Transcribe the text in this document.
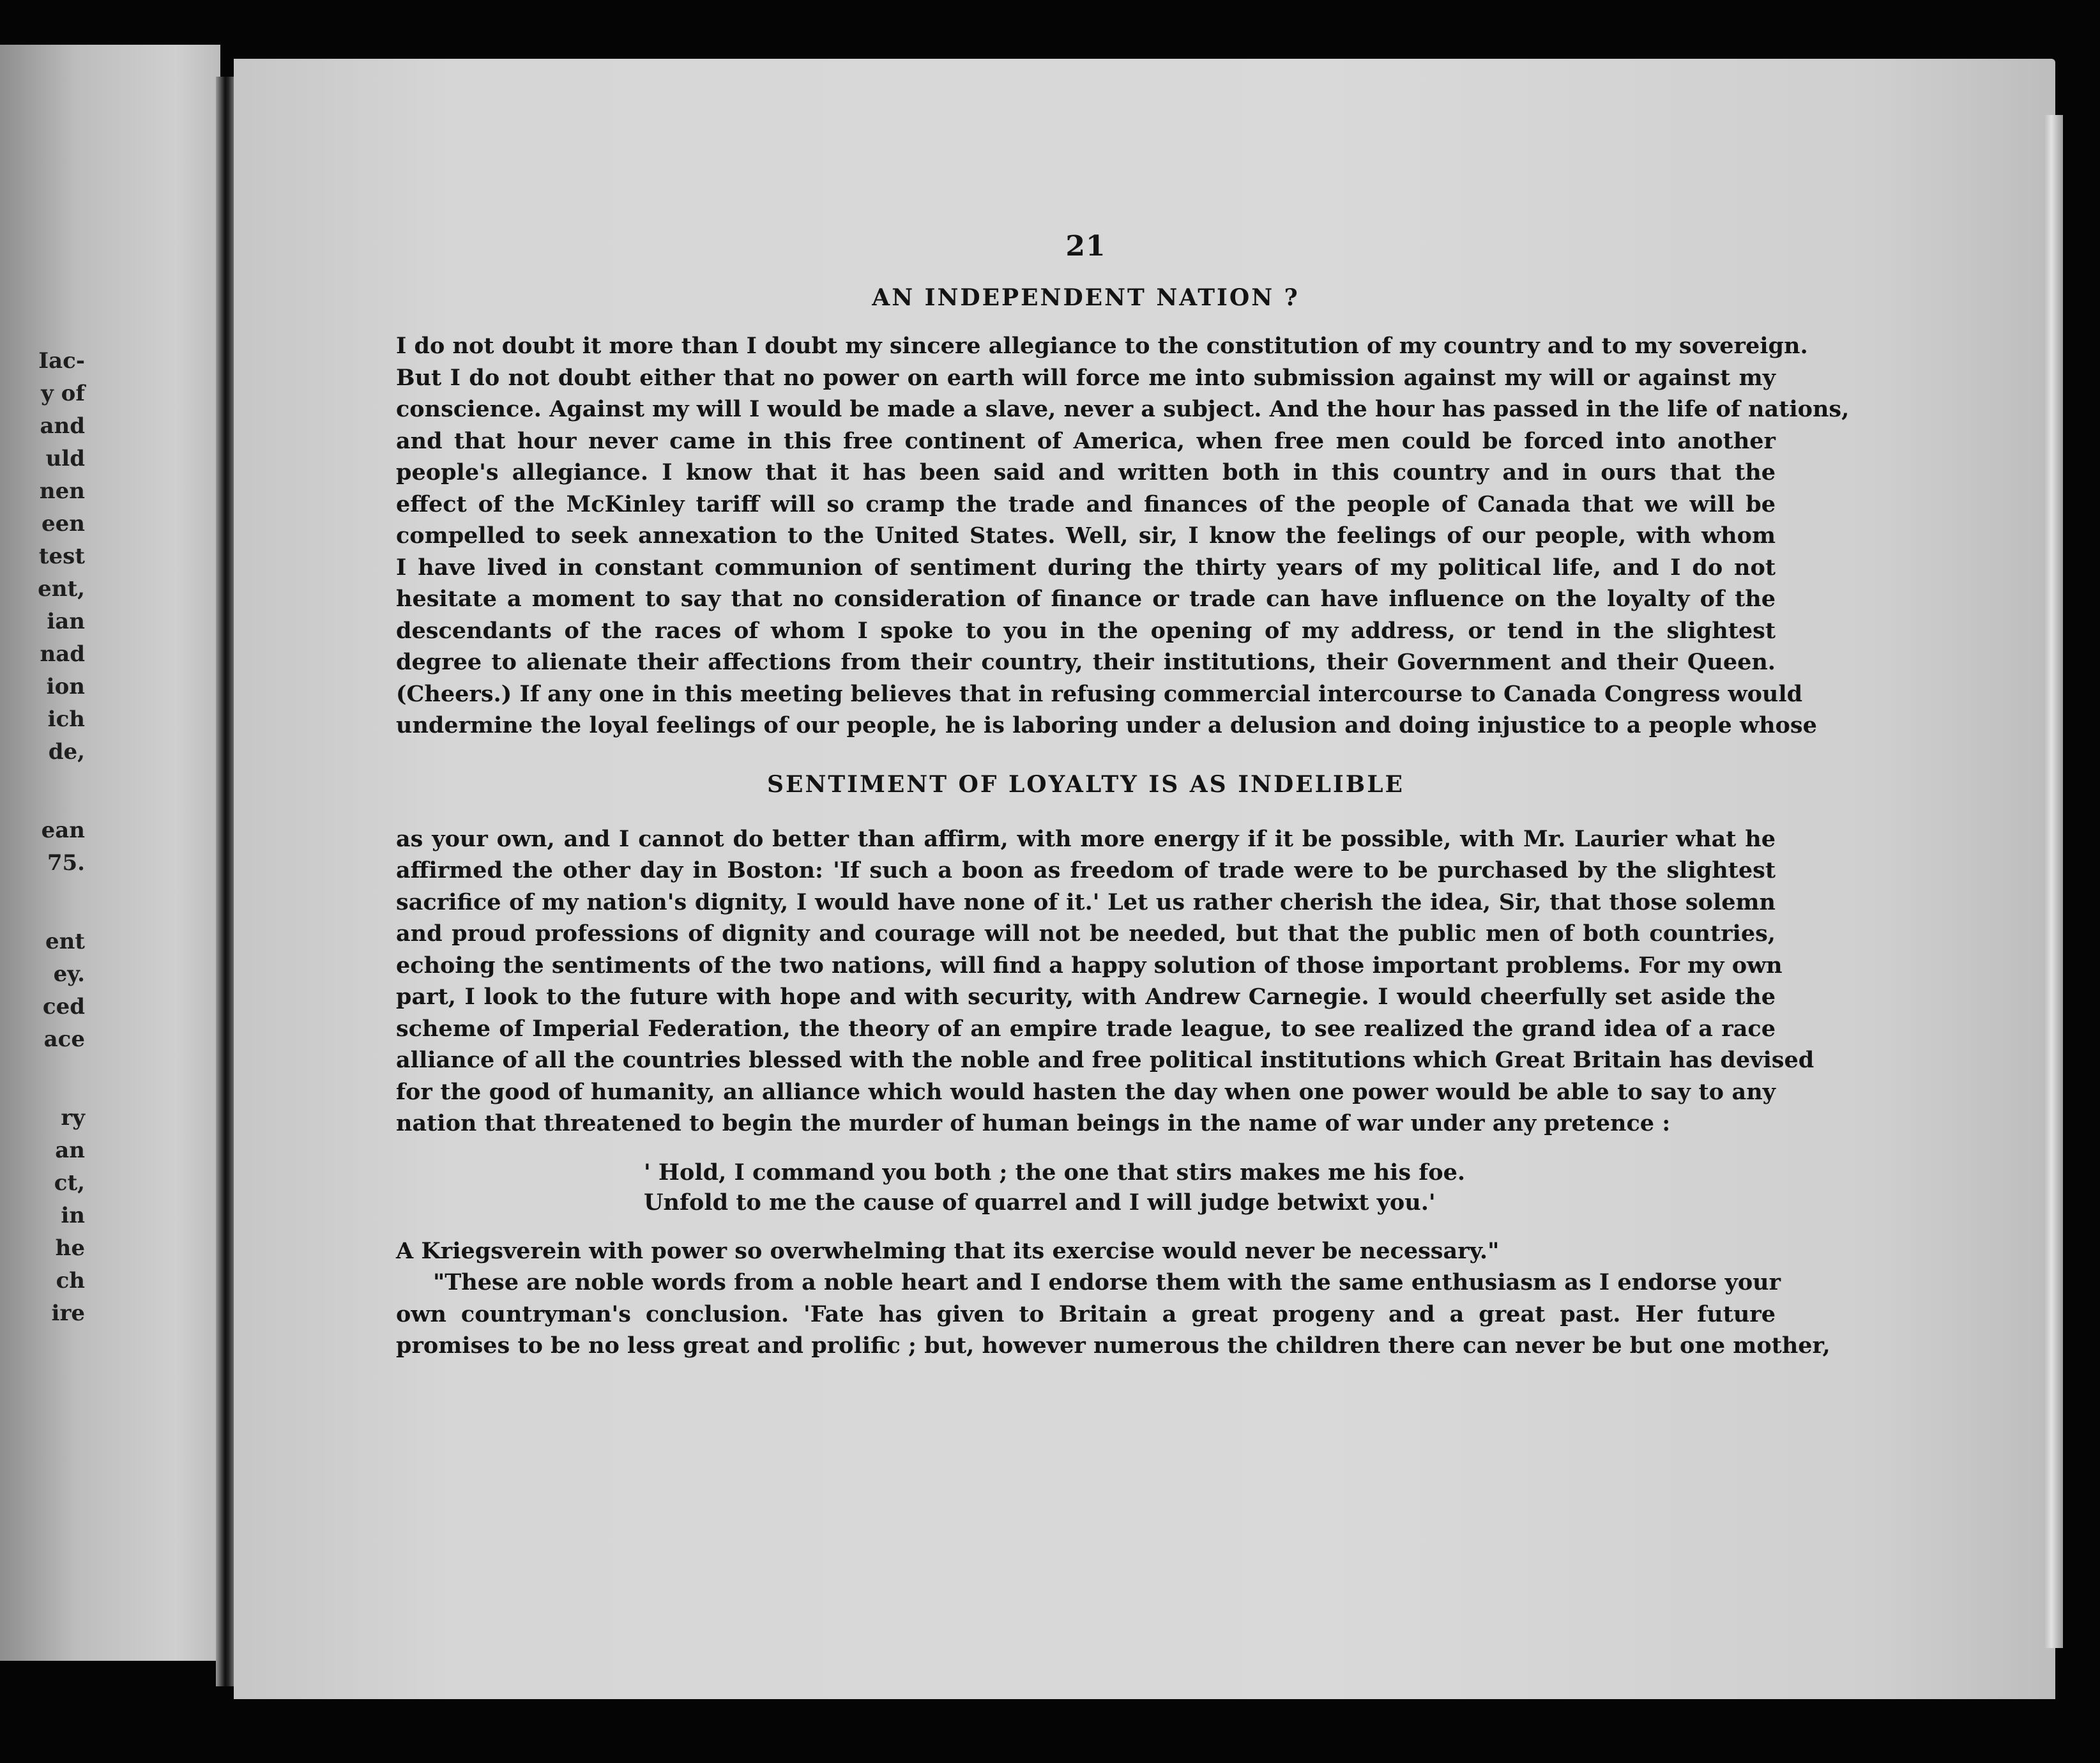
Iac-
y of
and
uld
nen
een
test
ent,
ian
nad
ion
ich
de,
ean
75.
ent
ey.
ced
ace
ry
an
ct,
in
he
ch
ire
21
AN INDEPENDENT NATION ?
I do not doubt it more than I doubt my sincere allegiance to the constitution of my country and to my sovereign.
But I do not doubt either that no power on earth will force me into submission against my will or against my
conscience. Against my will I would be made a slave, never a subject. And the hour has passed in the life of nations,
and that hour never came in this free continent of America, when free men could be forced into another
people's allegiance. I know that it has been said and written both in this country and in ours that the
effect of the McKinley tariff will so cramp the trade and finances of the people of Canada that we will be
compelled to seek annexation to the United States. Well, sir, I know the feelings of our people, with whom
I have lived in constant communion of sentiment during the thirty years of my political life, and I do not
hesitate a moment to say that no consideration of finance or trade can have influence on the loyalty of the
descendants of the races of whom I spoke to you in the opening of my address, or tend in the slightest
degree to alienate their affections from their country, their institutions, their Government and their Queen.
(Cheers.) If any one in this meeting believes that in refusing commercial intercourse to Canada Congress would
undermine the loyal feelings of our people, he is laboring under a delusion and doing injustice to a people whose
SENTIMENT OF LOYALTY IS AS INDELIBLE
as your own, and I cannot do better than affirm, with more energy if it be possible, with Mr. Laurier what he
affirmed the other day in Boston: 'If such a boon as freedom of trade were to be purchased by the slightest
sacrifice of my nation's dignity, I would have none of it.' Let us rather cherish the idea, Sir, that those solemn
and proud professions of dignity and courage will not be needed, but that the public men of both countries,
echoing the sentiments of the two nations, will find a happy solution of those important problems. For my own
part, I look to the future with hope and with security, with Andrew Carnegie. I would cheerfully set aside the
scheme of Imperial Federation, the theory of an empire trade league, to see realized the grand idea of a race
alliance of all the countries blessed with the noble and free political institutions which Great Britain has devised
for the good of humanity, an alliance which would hasten the day when one power would be able to say to any
nation that threatened to begin the murder of human beings in the name of war under any pretence :
' Hold, I command you both ; the one that stirs makes me his foe.
Unfold to me the cause of quarrel and I will judge betwixt you.'
A Kriegsverein with power so overwhelming that its exercise would never be necessary."
"These are noble words from a noble heart and I endorse them with the same enthusiasm as I endorse your
own countryman's conclusion. 'Fate has given to Britain a great progeny and a great past. Her future
promises to be no less great and prolific ; but, however numerous the children there can never be but one mother,
